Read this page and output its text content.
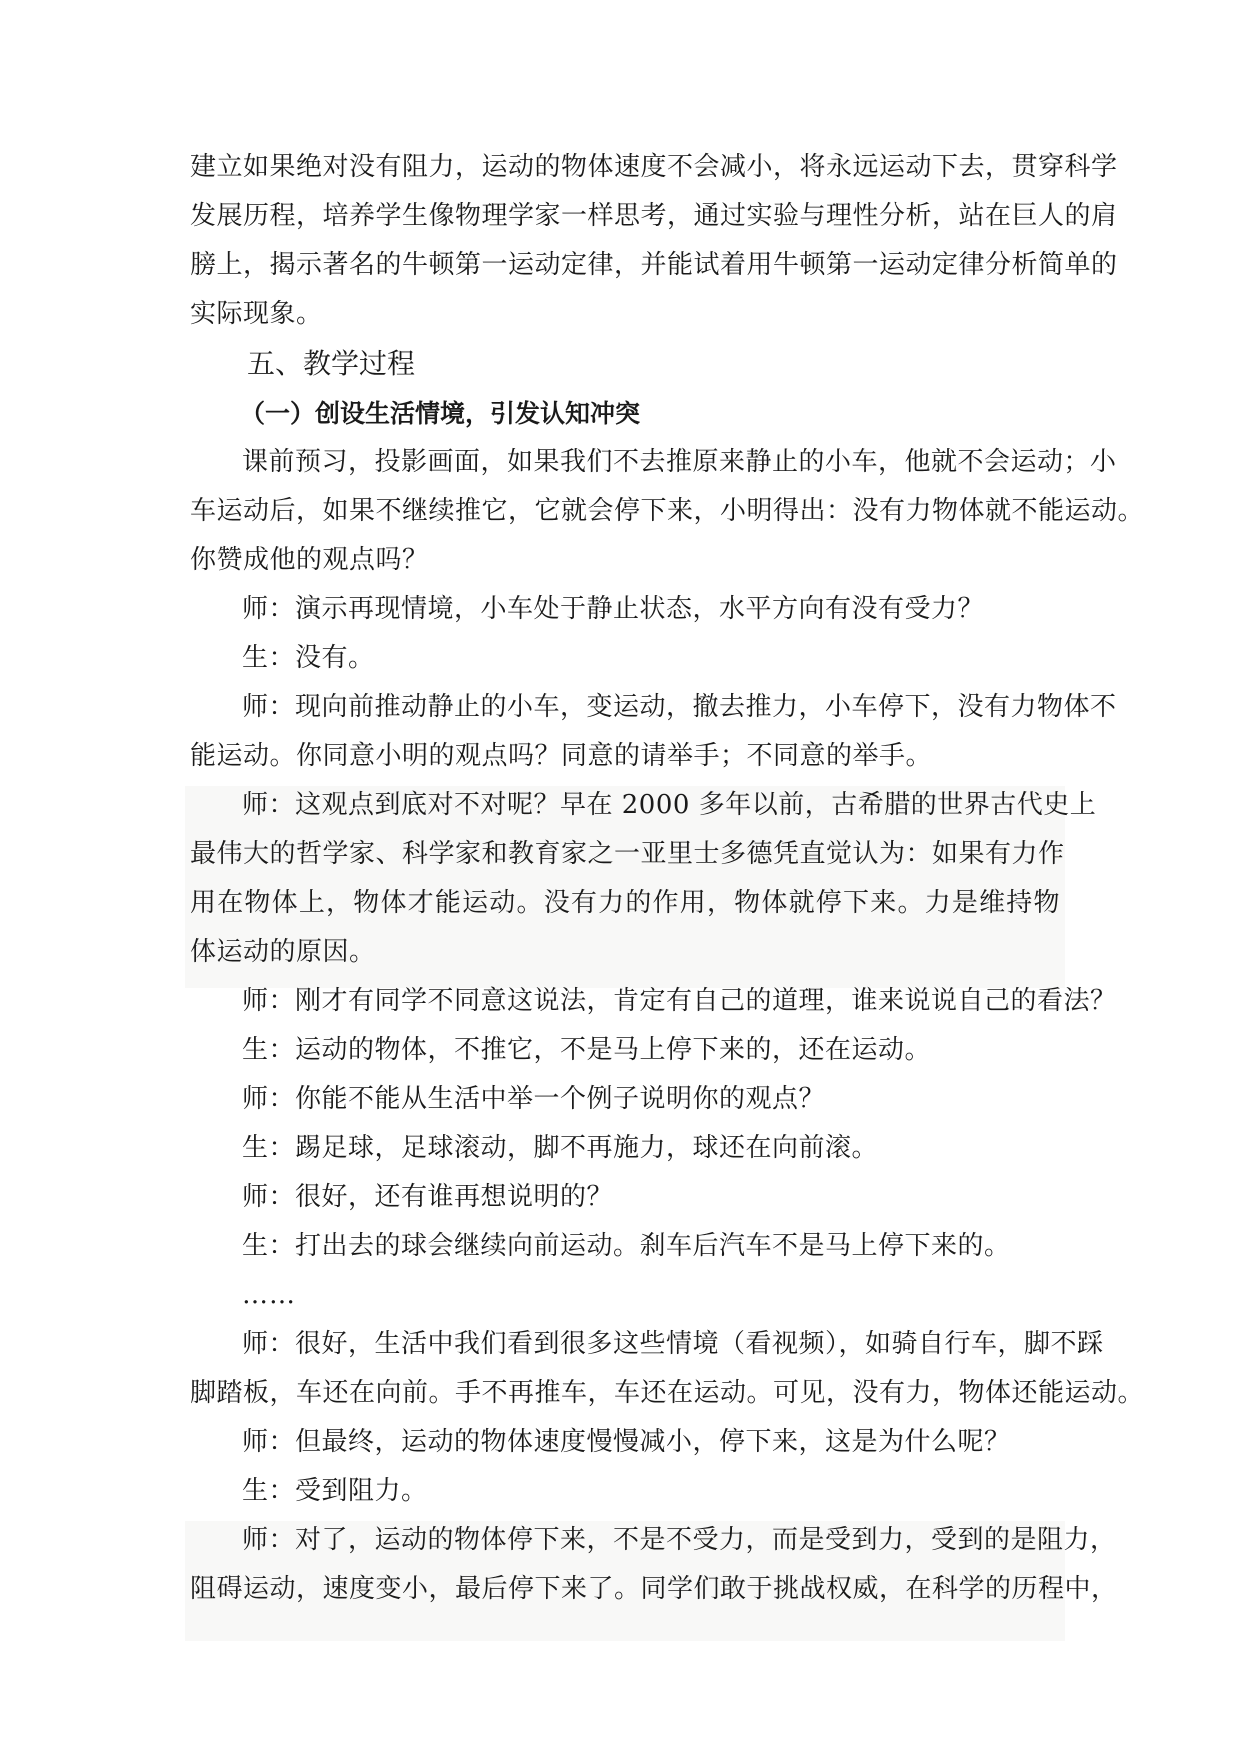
建立如果绝对没有阻力，运动的物体速度不会减小，将永远运动下去，贯穿科学
发展历程，培养学生像物理学家一样思考，通过实验与理性分析，站在巨人的肩
膀上，揭示著名的牛顿第一运动定律，并能试着用牛顿第一运动定律分析简单的
实际现象。
五、教学过程
（一）创设生活情境，引发认知冲突
课前预习，投影画面，如果我们不去推原来静止的小车，他就不会运动；小
车运动后，如果不继续推它，它就会停下来，小明得出：没有力物体就不能运动。
你赞成他的观点吗？
师：演示再现情境，小车处于静止状态，水平方向有没有受力？
生：没有。
师：现向前推动静止的小车，变运动，撤去推力，小车停下，没有力物体不
能运动。你同意小明的观点吗？同意的请举手；不同意的举手。
师：这观点到底对不对呢？早在 2000 多年以前，古希腊的世界古代史上
最伟大的哲学家、科学家和教育家之一亚里士多德凭直觉认为：如果有力作
用在物体上，物体才能运动。没有力的作用，物体就停下来。力是维持物
体运动的原因。
师：刚才有同学不同意这说法，肯定有自己的道理，谁来说说自己的看法？
生：运动的物体，不推它，不是马上停下来的，还在运动。
师：你能不能从生活中举一个例子说明你的观点？
生：踢足球，足球滚动，脚不再施力，球还在向前滚。
师：很好，还有谁再想说明的？
生：打出去的球会继续向前运动。刹车后汽车不是马上停下来的。
……
师：很好，生活中我们看到很多这些情境（看视频），如骑自行车，脚不踩
脚踏板，车还在向前。手不再推车，车还在运动。可见，没有力，物体还能运动。
师：但最终，运动的物体速度慢慢减小，停下来，这是为什么呢？
生：受到阻力。
师：对了，运动的物体停下来，不是不受力，而是受到力，受到的是阻力，
阻碍运动，速度变小，最后停下来了。同学们敢于挑战权威，在科学的历程中，
